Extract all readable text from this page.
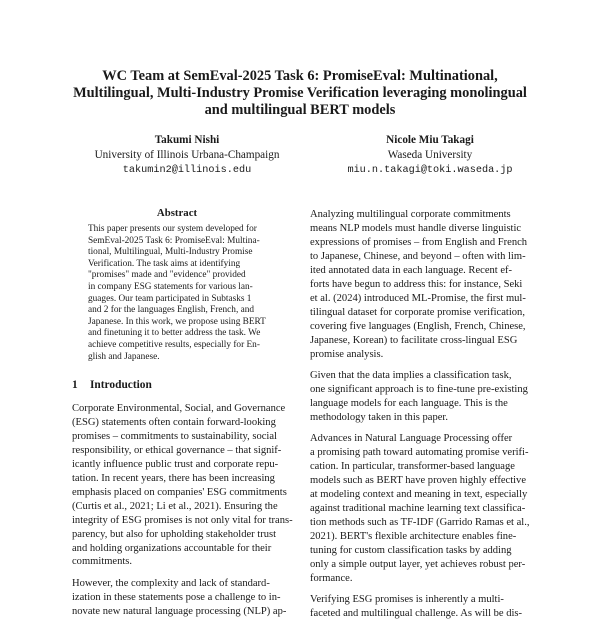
WC Team at SemEval-2025 Task 6: PromiseEval: Multinational,
Multilingual, Multi-Industry Promise Verification leveraging monolingual
and multilingual BERT models
Takumi Nishi
University of Illinois Urbana-Champaign
takumin2@illinois.edu
Nicole Miu Takagi
Waseda University
miu.n.takagi@toki.waseda.jp
Abstract
This paper presents our system developed for
SemEval-2025 Task 6: PromiseEval: Multina-
tional, Multilingual, Multi-Industry Promise
Verification. The task aims at identifying
"promises" made and "evidence" provided
in company ESG statements for various lan-
guages. Our team participated in Subtasks 1
and 2 for the languages English, French, and
Japanese. In this work, we propose using BERT
and finetuning it to better address the task. We
achieve competitive results, especially for En-
glish and Japanese.
1 Introduction

Corporate Environmental, Social, and Governance
(ESG) statements often contain forward-looking
promises – commitments to sustainability, social
responsibility, or ethical governance – that signif-
icantly influence public trust and corporate repu-
tation. In recent years, there has been increasing
emphasis placed on companies' ESG commitments
(Curtis et al., 2021; Li et al., 2021). Ensuring the
integrity of ESG promises is not only vital for trans-
parency, but also for upholding stakeholder trust
and holding organizations accountable for their
commitments.

However, the complexity and lack of standard-
ization in these statements pose a challenge to in-
novate new natural language processing (NLP) ap-

Analyzing multilingual corporate commitments
means NLP models must handle diverse linguistic
expressions of promises – from English and French
to Japanese, Chinese, and beyond – often with lim-
ited annotated data in each language. Recent ef-
forts have begun to address this: for instance, Seki
et al. (2024) introduced ML-Promise, the first mul-
tilingual dataset for corporate promise verification,
covering five languages (English, French, Chinese,
Japanese, Korean) to facilitate cross-lingual ESG
promise analysis.

Given that the data implies a classification task,
one significant approach is to fine-tune pre-existing
language models for each language. This is the
methodology taken in this paper.

Advances in Natural Language Processing offer
a promising path toward automating promise verifi-
cation. In particular, transformer-based language
models such as BERT have proven highly effective
at modeling context and meaning in text, especially
against traditional machine learning text classifica-
tion methods such as TF-IDF (Garrido Ramas et al.,
2021). BERT's flexible architecture enables fine-
tuning for custom classification tasks by adding
only a simple output layer, yet achieves robust per-
formance.

Verifying ESG promises is inherently a multi-
faceted and multilingual challenge. As will be dis-
